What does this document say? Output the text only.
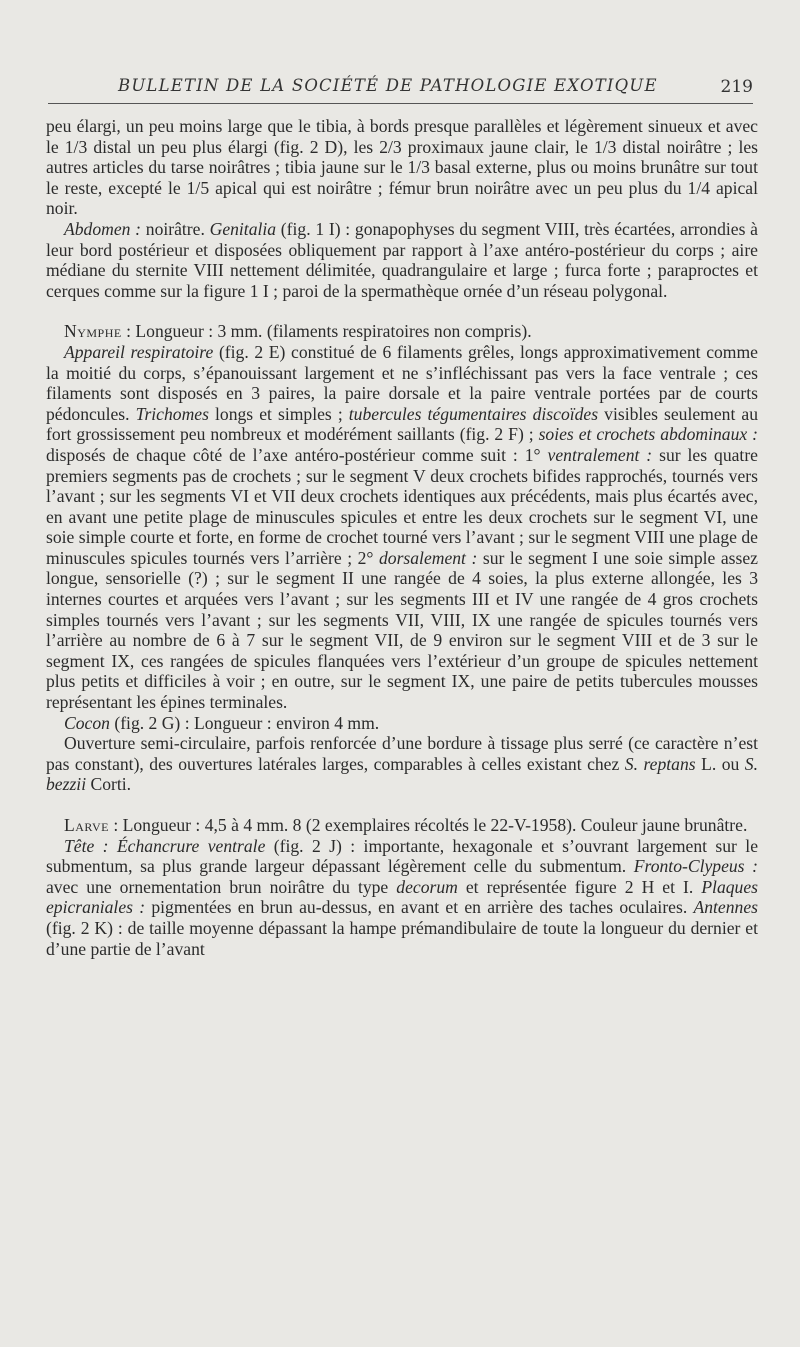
BULLETIN DE LA SOCIÉTÉ DE PATHOLOGIE EXOTIQUE	219

peu élargi, un peu moins large que le tibia, à bords presque parallèles et légèrement sinueux et avec le 1/3 distal un peu plus élargi (fig. 2 D), les 2/3 proximaux jaune clair, le 1/3 distal noirâtre ; les autres articles du tarse noirâtres ; tibia jaune sur le 1/3 basal externe, plus ou moins brunâtre sur tout le reste, excepté le 1/5 apical qui est noirâtre ; fémur brun noirâtre avec un peu plus du 1/4 apical noir.

Abdomen : noirâtre. Genitalia (fig. 1 I) : gonapophyses du segment VIII, très écartées, arrondies à leur bord postérieur et disposées obliquement par rapport à l’axe antéro-postérieur du corps ; aire médiane du sternite VIII nettement délimitée, quadrangulaire et large ; furca forte ; paraproctes et cerques comme sur la figure 1 I ; paroi de la spermathèque ornée d’un réseau polygonal.

Nymphe : Longueur : 3 mm. (filaments respiratoires non compris).

Appareil respiratoire (fig. 2 E) constitué de 6 filaments grêles, longs approximativement comme la moitié du corps, s’épanouissant largement et ne s’infléchissant pas vers la face ventrale ; ces filaments sont disposés en 3 paires, la paire dorsale et la paire ventrale portées par de courts pédoncules. Trichomes longs et simples ; tubercules tégumentaires discoïdes visibles seulement au fort grossissement peu nombreux et modérément saillants (fig. 2 F) ; soies et crochets abdominaux : disposés de chaque côté de l’axe antéro-postérieur comme suit : 1° ventralement : sur les quatre premiers segments pas de crochets ; sur le segment V deux crochets bifides rapprochés, tournés vers l’avant ; sur les segments VI et VII deux crochets identiques aux précédents, mais plus écartés avec, en avant une petite plage de minuscules spicules et entre les deux crochets sur le segment VI, une soie simple courte et forte, en forme de crochet tourné vers l’avant ; sur le segment VIII une plage de minuscules spicules tournés vers l’arrière ; 2° dorsalement : sur le segment I une soie simple assez longue, sensorielle (?) ; sur le segment II une rangée de 4 soies, la plus externe allongée, les 3 internes courtes et arquées vers l’avant ; sur les segments III et IV une rangée de 4 gros crochets simples tournés vers l’avant ; sur les segments VII, VIII, IX une rangée de spicules tournés vers l’arrière au nombre de 6 à 7 sur le segment VII, de 9 environ sur le segment VIII et de 3 sur le segment IX, ces rangées de spicules flanquées vers l’extérieur d’un groupe de spicules nettement plus petits et difficiles à voir ; en outre, sur le segment IX, une paire de petits tubercules mousses représentant les épines terminales.

Cocon (fig. 2 G) : Longueur : environ 4 mm.

Ouverture semi-circulaire, parfois renforcée d’une bordure à tissage plus serré (ce caractère n’est pas constant), des ouvertures latérales larges, comparables à celles existant chez S. reptans L. ou S. bezzii Corti.

Larve : Longueur : 4,5 à 4 mm. 8 (2 exemplaires récoltés le 22-V-1958). Couleur jaune brunâtre.

Tête : Échancrure ventrale (fig. 2 J) : importante, hexagonale et s’ouvrant largement sur le submentum, sa plus grande largeur dépassant légèrement celle du submentum. Fronto-Clypeus : avec une ornementation brun noirâtre du type decorum et représentée figure 2 H et I. Plaques epicraniales : pigmentées en brun au-dessus, en avant et en arrière des taches oculaires. Antennes (fig. 2 K) : de taille moyenne dépassant la hampe prémandibulaire de toute la longueur du dernier et d’une partie de l’avant
